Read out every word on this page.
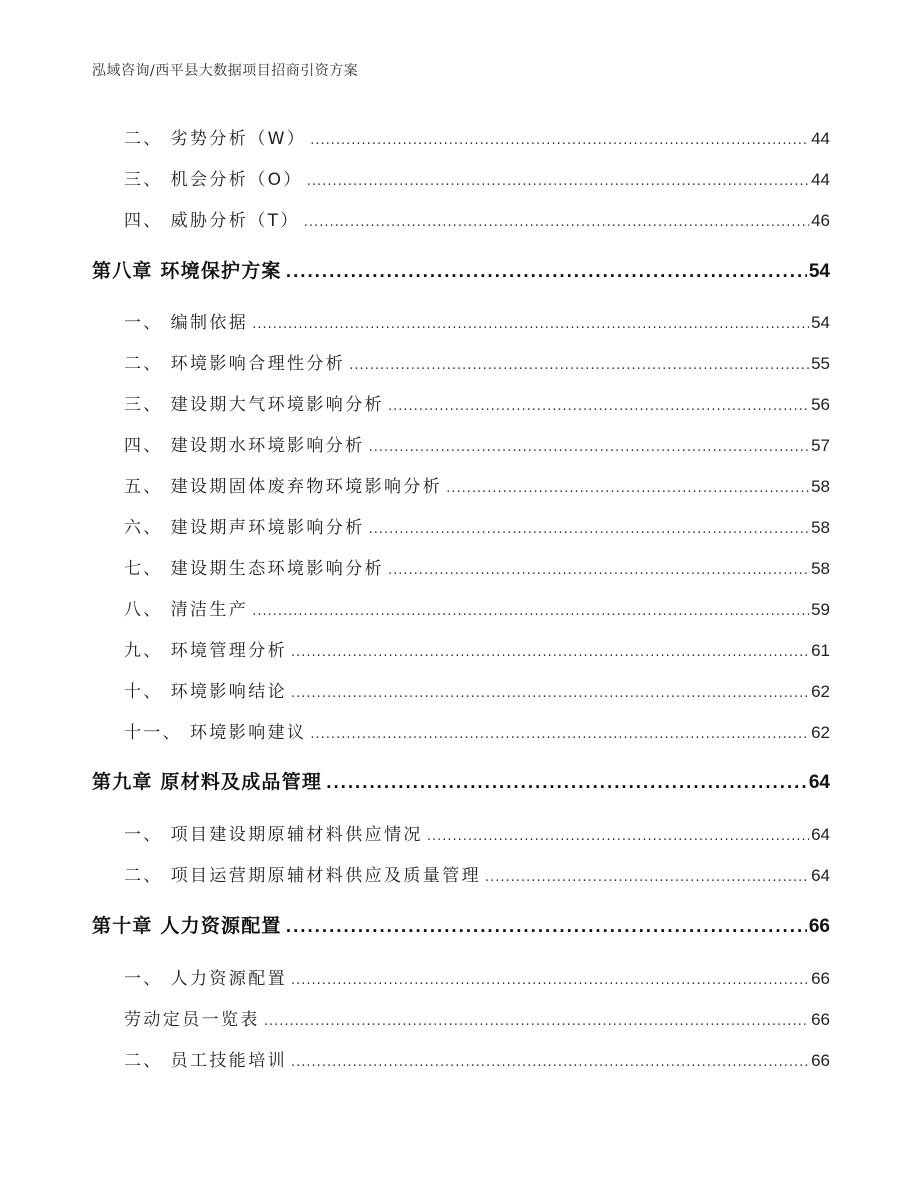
泓域咨询/西平县大数据项目招商引资方案
二、 劣势分析（W） .....	44
三、 机会分析（O） .....	44
四、 威胁分析（T） .....	46
第八章 环境保护方案 .....	54
一、 编制依据 .....	54
二、 环境影响合理性分析 .....	55
三、 建设期大气环境影响分析 .....	56
四、 建设期水环境影响分析 .....	57
五、 建设期固体废弃物环境影响分析 .....	58
六、 建设期声环境影响分析 .....	58
七、 建设期生态环境影响分析 .....	58
八、 清洁生产 .....	59
九、 环境管理分析 .....	61
十、 环境影响结论 .....	62
十一、 环境影响建议 .....	62
第九章 原材料及成品管理 .....	64
一、 项目建设期原辅材料供应情况 .....	64
二、 项目运营期原辅材料供应及质量管理 .....	64
第十章 人力资源配置 .....	66
一、 人力资源配置 .....	66
劳动定员一览表 .....	66
二、 员工技能培训 .....	66
